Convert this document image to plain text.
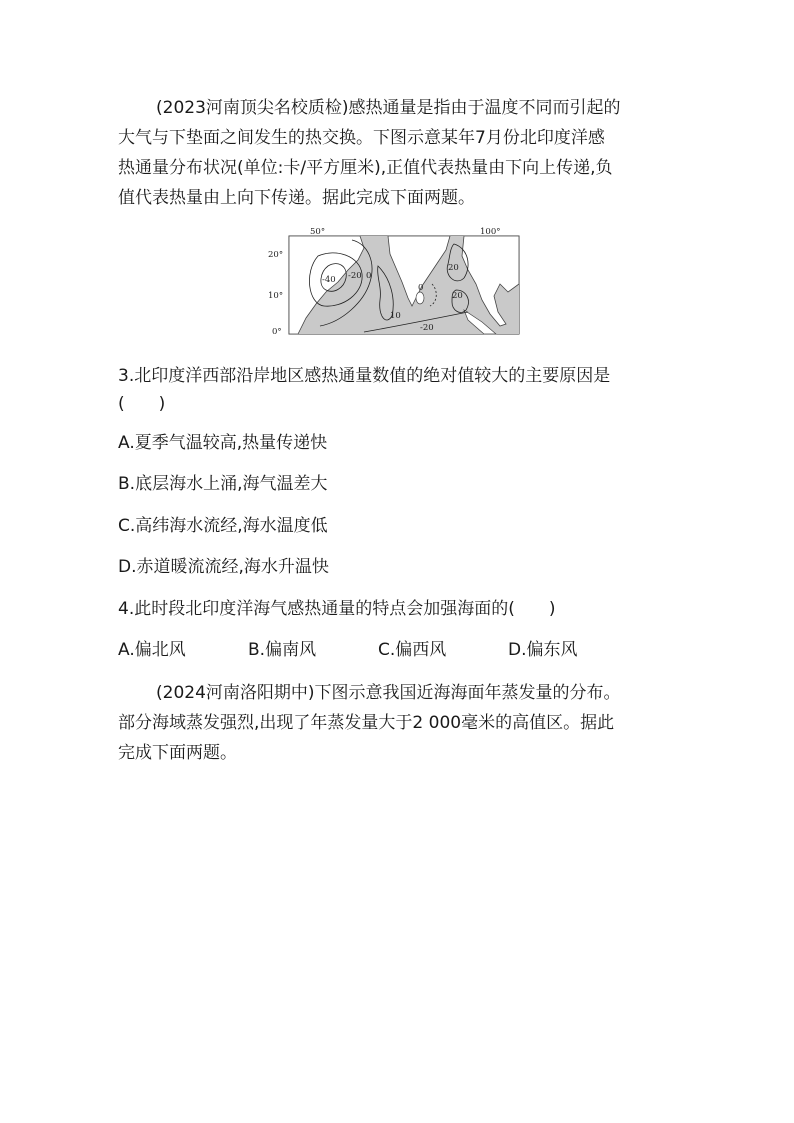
(2023河南顶尖名校质检)感热通量是指由于温度不同而引起的
大气与下垫面之间发生的热交换。下图示意某年7月份北印度洋感
热通量分布状况(单位:卡/平方厘米),正值代表热量由下向上传递,负
值代表热量由上向下传递。据此完成下面两题。
-40 -20 0
20
0
20
10
-20
50°	100°
20°
10°
0°
3.北印度洋西部沿岸地区感热通量数值的绝对值较大的主要原因是
(　　)
A.夏季气温较高,热量传递快
B.底层海水上涌,海气温差大
C.高纬海水流经,海水温度低
D.赤道暖流流经,海水升温快
4.此时段北印度洋海气感热通量的特点会加强海面的(　　)
A.偏北风	B.偏南风	C.偏西风	D.偏东风
(2024河南洛阳期中)下图示意我国近海海面年蒸发量的分布。
部分海域蒸发强烈,出现了年蒸发量大于2 000毫米的高值区。据此
完成下面两题。
